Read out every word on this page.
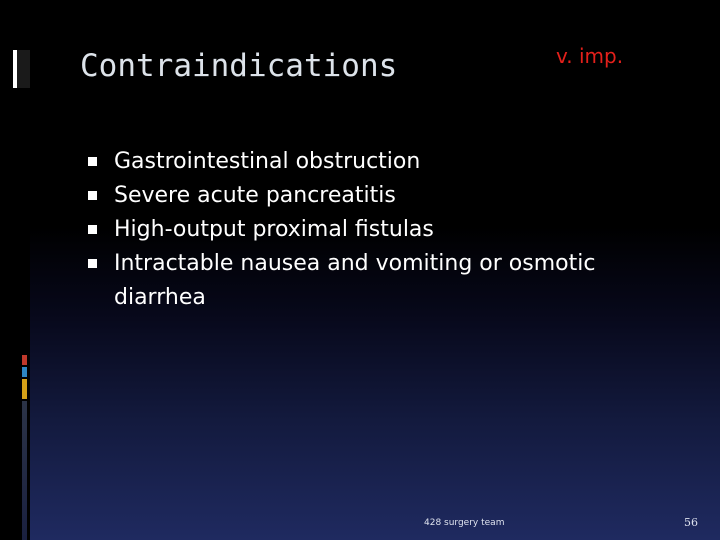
Contraindications	v. imp.
Gastrointestinal obstruction
Severe acute pancreatitis
High-output proximal fistulas
Intractable nausea and vomiting or osmotic diarrhea
428 surgery team	56
